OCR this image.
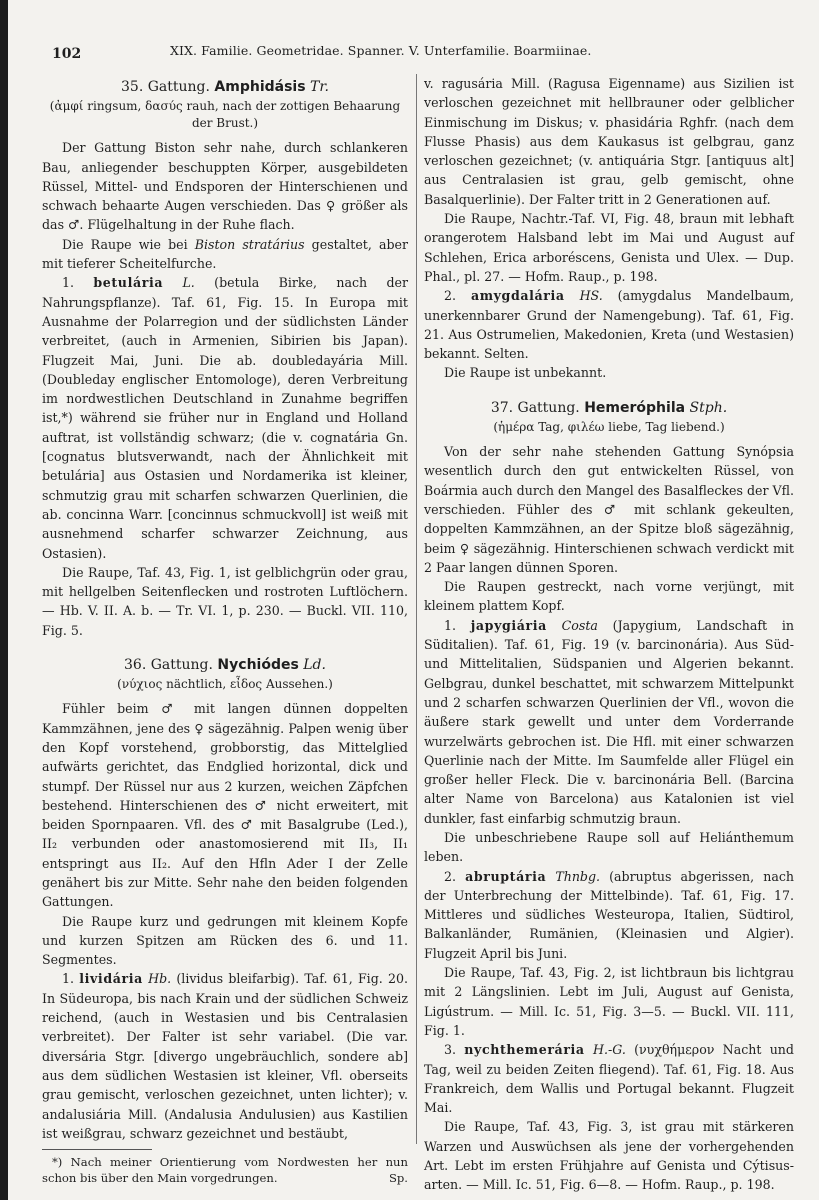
102	XIX. Familie. Geometridae. Spanner. V. Unterfamilie. Boarmiinae.
35. Gattung. Amphidásis Tr.
(ἀμφί ringsum, δασύς rauh, nach der zottigen Behaarung der Brust.)

Der Gattung Biston sehr nahe, durch schlankeren Bau, anliegender beschuppten Körper, ausgebildeten Rüssel, Mittel- und Endsporen der Hinterschienen und schwach behaarte Augen verschieden. Das ♀ größer als das ♂. Flügelhaltung in der Ruhe flach.

Die Raupe wie bei Biston stratárius gestaltet, aber mit tieferer Scheitelfurche.

1. betulária L. (betula Birke, nach der Nahrungspflanze). Taf. 61, Fig. 15. In Europa mit Ausnahme der Polarregion und der südlichsten Länder verbreitet, (auch in Armenien, Sibirien bis Japan). Flugzeit Mai, Juni. Die ab. doubledayária Mill. (Doubleday englischer Entomologe), deren Verbreitung im nordwestlichen Deutschland in Zunahme begriffen ist,*) während sie früher nur in England und Holland auftrat, ist vollständig schwarz; (die v. cognatária Gn. [cognatus blutsverwandt, nach der Ähnlichkeit mit betulária] aus Ostasien und Nordamerika ist kleiner, schmutzig grau mit scharfen schwarzen Querlinien, die ab. concinna Warr. [concinnus schmuckvoll] ist weiß mit ausnehmend scharfer schwarzer Zeichnung, aus Ostasien).

Die Raupe, Taf. 43, Fig. 1, ist gelblichgrün oder grau, mit hellgelben Seitenflecken und rostroten Luftlöchern. — Hb. V. II. A. b. — Tr. VI. 1, p. 230. — Buckl. VII. 110, Fig. 5.

36. Gattung. Nychiódes Ld.
(νύχιος nächtlich, εἶδος Aussehen.)

Fühler beim ♂ mit langen dünnen doppelten Kammzähnen, jene des ♀ sägezähnig. Palpen wenig über den Kopf vorstehend, grobborstig, das Mittelglied aufwärts gerichtet, das Endglied horizontal, dick und stumpf. Der Rüssel nur aus 2 kurzen, weichen Zäpfchen bestehend. Hinterschienen des ♂ nicht erweitert, mit beiden Spornpaaren. Vfl. des ♂ mit Basalgrube (Led.), II₂ verbunden oder anastomosierend mit II₃, II₁ entspringt aus II₂. Auf den Hfln Ader I der Zelle genähert bis zur Mitte. Sehr nahe den beiden folgenden Gattungen.

Die Raupe kurz und gedrungen mit kleinem Kopfe und kurzen Spitzen am Rücken des 6. und 11. Segmentes.

1. lividária Hb. (lividus bleifarbig). Taf. 61, Fig. 20. In Südeuropa, bis nach Krain und der südlichen Schweiz reichend, (auch in Westasien und bis Centralasien verbreitet). Der Falter ist sehr variabel. (Die var. diversária Stgr. [divergo ungebräuchlich, sondere ab] aus dem südlichen Westasien ist kleiner, Vfl. oberseits grau gemischt, verloschen gezeichnet, unten lichter); v. andalusiária Mill. (Andalusia Andulusien) aus Kastilien ist weißgrau, schwarz gezeichnet und bestäubt,

*) Nach meiner Orientierung vom Nordwesten her nun schon bis über den Main vorgedrungen.	Sp.

v. ragusária Mill. (Ragusa Eigenname) aus Sizilien ist verloschen gezeichnet mit hellbrauner oder gelblicher Einmischung im Diskus; v. phasidária Rghfr. (nach dem Flusse Phasis) aus dem Kaukasus ist gelbgrau, ganz verloschen gezeichnet; (v. antiquária Stgr. [antiquus alt] aus Centralasien ist grau, gelb gemischt, ohne Basalquerlinie). Der Falter tritt in 2 Generationen auf.

Die Raupe, Nachtr.-Taf. VI, Fig. 48, braun mit lebhaft orangerotem Halsband lebt im Mai und August auf Schlehen, Erica arboréscens, Genista und Ulex. — Dup. Phal., pl. 27. — Hofm. Raup., p. 198.

2. amygdalária HS. (amygdalus Mandelbaum, unerkennbarer Grund der Namengebung). Taf. 61, Fig. 21. Aus Ostrumelien, Makedonien, Kreta (und Westasien) bekannt. Selten.

Die Raupe ist unbekannt.

37. Gattung. Hemeróphila Stph.
(ἡμέρα Tag, φιλέω liebe, Tag liebend.)

Von der sehr nahe stehenden Gattung Synópsia wesentlich durch den gut entwickelten Rüssel, von Boármia auch durch den Mangel des Basalfleckes der Vfl. verschieden. Fühler des ♂ mit schlank gekeulten, doppelten Kammzähnen, an der Spitze bloß sägezähnig, beim ♀ sägezähnig. Hinterschienen schwach verdickt mit 2 Paar langen dünnen Sporen.

Die Raupen gestreckt, nach vorne verjüngt, mit kleinem plattem Kopf.

1. japygiária Costa (Japygium, Landschaft in Süditalien). Taf. 61, Fig. 19 (v. barcinonária). Aus Süd- und Mittelitalien, Südspanien und Algerien bekannt. Gelbgrau, dunkel beschattet, mit schwarzem Mittelpunkt und 2 scharfen schwarzen Querlinien der Vfl., wovon die äußere stark gewellt und unter dem Vorderrande wurzelwärts gebrochen ist. Die Hfl. mit einer schwarzen Querlinie nach der Mitte. Im Saumfelde aller Flügel ein großer heller Fleck. Die v. barcinonária Bell. (Barcina alter Name von Barcelona) aus Katalonien ist viel dunkler, fast einfarbig schmutzig braun.

Die unbeschriebene Raupe soll auf Heliánthemum leben.

2. abruptária Thnbg. (abruptus abgerissen, nach der Unterbrechung der Mittelbinde). Taf. 61, Fig. 17. Mittleres und südliches Westeuropa, Italien, Südtirol, Balkanländer, Rumänien, (Kleinasien und Algier). Flugzeit April bis Juni.

Die Raupe, Taf. 43, Fig. 2, ist lichtbraun bis lichtgrau mit 2 Längslinien. Lebt im Juli, August auf Genista, Ligústrum. — Mill. Ic. 51, Fig. 3—5. — Buckl. VII. 111, Fig. 1.

3. nychthemerária H.-G. (νυχθήμερον Nacht und Tag, weil zu beiden Zeiten fliegend). Taf. 61, Fig. 18. Aus Frankreich, dem Wallis und Portugal bekannt. Flugzeit Mai.

Die Raupe, Taf. 43, Fig. 3, ist grau mit stärkeren Warzen und Auswüchsen als jene der vorhergehenden Art. Lebt im ersten Frühjahre auf Genista und Cýtisus-arten. — Mill. Ic. 51, Fig. 6—8. — Hofm. Raup., p. 198.
